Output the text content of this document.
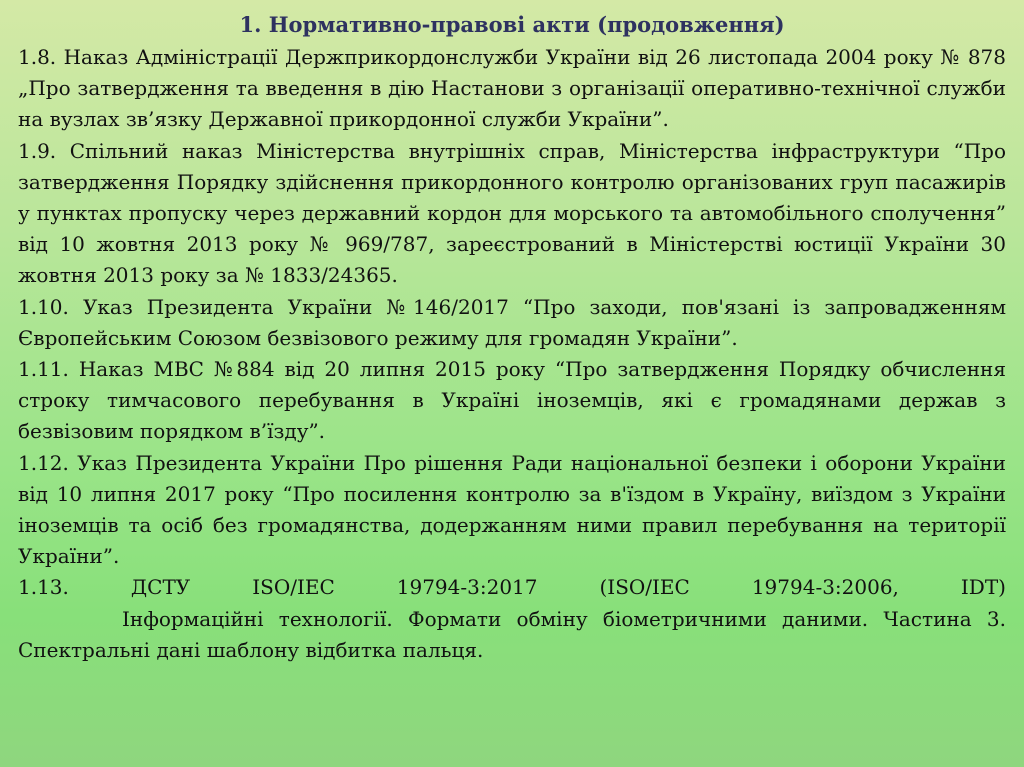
1. Нормативно-правові акти (продовження)

1.8. Наказ Адміністрації Держприкордонслужби України від 26 листопада 2004 року № 878 „Про затвердження та введення в дію Настанови з організації оперативно-технічної служби на вузлах зв’язку Державної прикордонної служби України”.

1.9. Спільний наказ Міністерства внутрішніх справ, Міністерства інфраструктури “Про затвердження Порядку здійснення прикордонного контролю організованих груп пасажирів у пунктах пропуску через державний кордон для морського та автомобільного сполучення” від 10 жовтня 2013 року № 969/787, зареєстрований в Міністерстві юстиції України 30 жовтня 2013 року за № 1833/24365.

1.10. Указ Президента України №146/2017 “Про заходи, пов'язані із запровадженням Європейським Союзом безвізового режиму для громадян України”.

1.11. Наказ МВС №884 від 20 липня 2015 року “Про затвердження Порядку обчислення строку тимчасового перебування в Україні іноземців, які є громадянами держав з безвізовим порядком в’їзду”.

1.12. Указ Президента України Про рішення Ради національної безпеки і оборони України від 10 липня 2017 року “Про посилення контролю за в'їздом в Україну, виїздом з України іноземців та осіб без громадянства, додержанням ними правил перебування на території України”.

1.13. ДСТУ ISO/IEC 19794-3:2017 (ISO/IEC 19794-3:2006, IDT)

Інформаційні технології. Формати обміну біометричними даними. Частина 3. Спектральні дані шаблону відбитка пальця.
